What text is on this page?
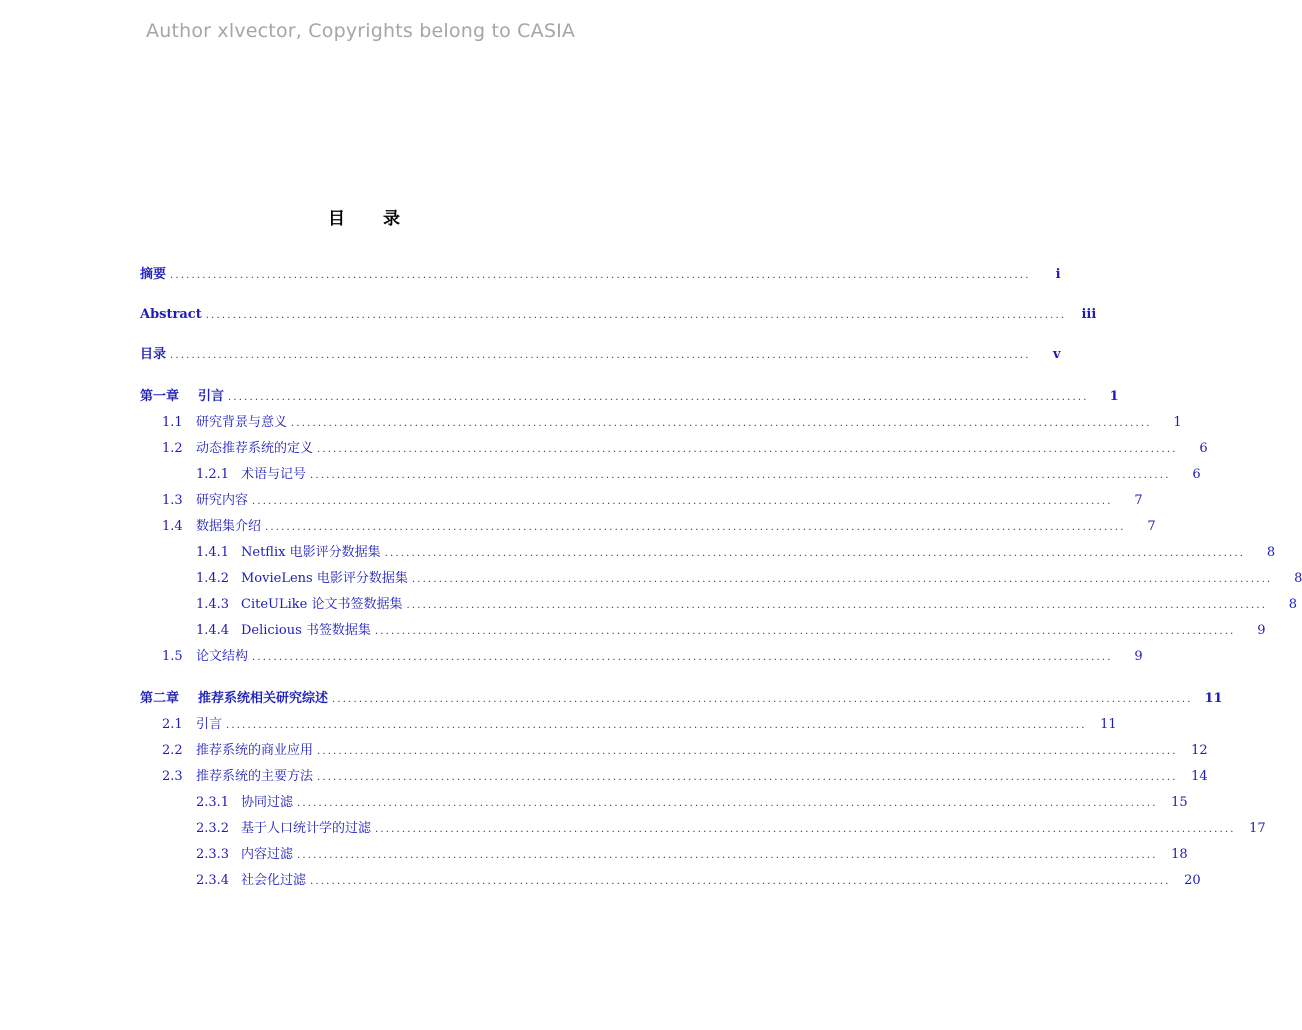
Author xlvector, Copyrights belong to CASIA
目 录
摘要 ................................................................................................................................................................	i
Abstract ................................................................................................................................................................	iii
目录 ................................................................................................................................................................	v
第一章	引言 ................................................................................................................................................................	1
1.1	研究背景与意义 ................................................................................................................................................................	1
1.2	动态推荐系统的定义 ................................................................................................................................................................	6
1.2.1 术语与记号 ................................................................................................................................................................	6
1.3	研究内容 ................................................................................................................................................................	7
1.4	数据集介绍 ................................................................................................................................................................	7
1.4.1 Netflix 电影评分数据集 ................................................................................................................................................................	8
1.4.2 MovieLens 电影评分数据集 ................................................................................................................................................................	8
1.4.3 CiteULike 论文书签数据集 ................................................................................................................................................................	8
1.4.4 Delicious 书签数据集 ................................................................................................................................................................	9
1.5	论文结构 ................................................................................................................................................................	9
第二章	推荐系统相关研究综述 ................................................................................................................................................................ 11
2.1	引言 ................................................................................................................................................................	11
2.2	推荐系统的商业应用 ................................................................................................................................................................	12
2.3	推荐系统的主要方法 ................................................................................................................................................................	14
2.3.1 协同过滤 ................................................................................................................................................................	15
2.3.2 基于人口统计学的过滤 ................................................................................................................................................................	17
2.3.3 内容过滤 ................................................................................................................................................................	18
2.3.4 社会化过滤 ................................................................................................................................................................	20
